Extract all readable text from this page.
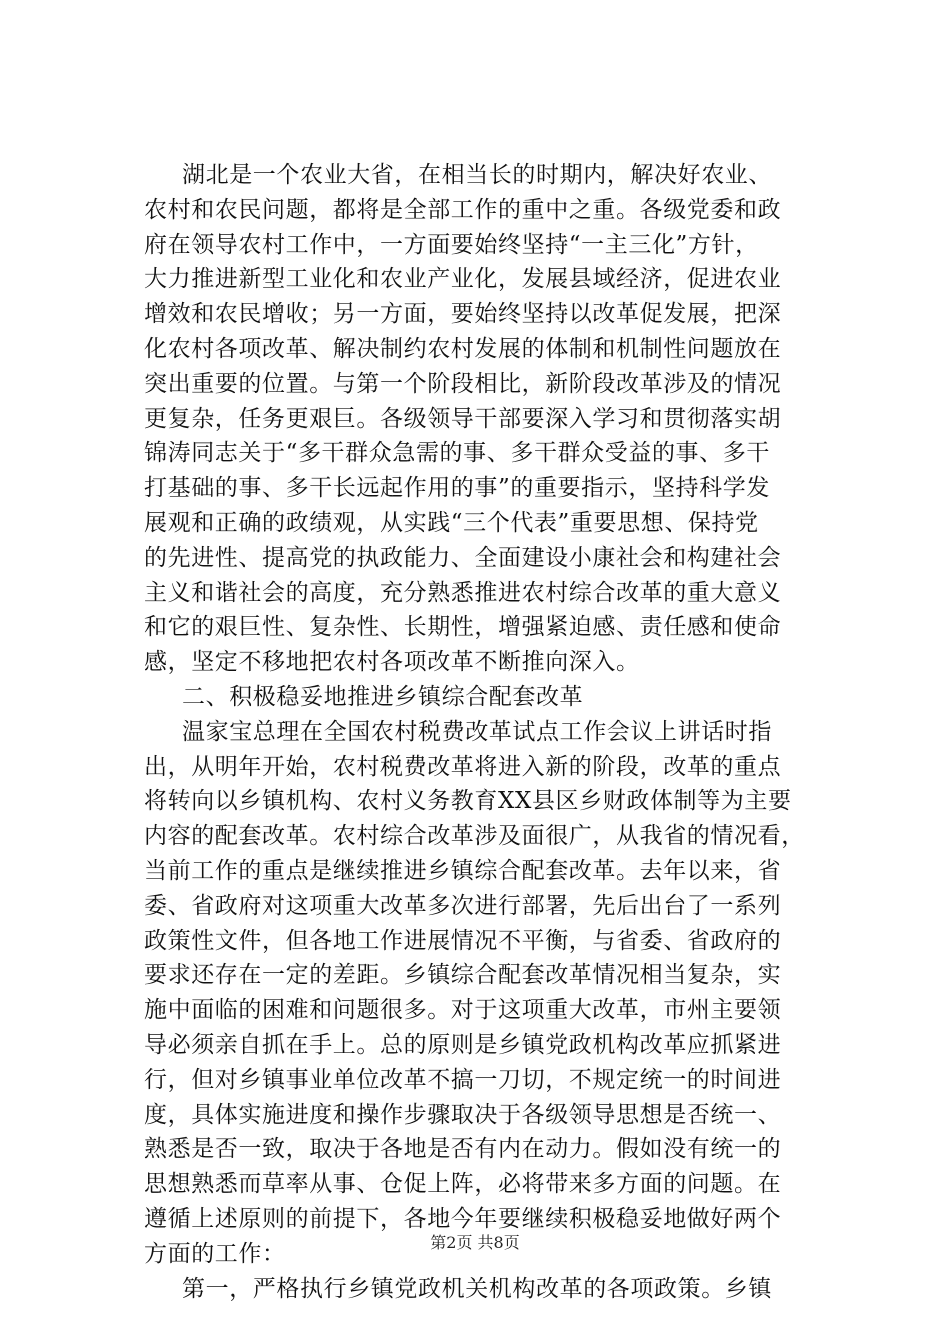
湖北是一个农业大省，在相当长的时期内，解决好农业、
农村和农民问题，都将是全部工作的重中之重。各级党委和政
府在领导农村工作中，一方面要始终坚持“一主三化”方针，
大力推进新型工业化和农业产业化，发展县域经济，促进农业
增效和农民增收；另一方面，要始终坚持以改革促发展，把深
化农村各项改革、解决制约农村发展的体制和机制性问题放在
突出重要的位置。与第一个阶段相比，新阶段改革涉及的情况
更复杂，任务更艰巨。各级领导干部要深入学习和贯彻落实胡
锦涛同志关于“多干群众急需的事、多干群众受益的事、多干
打基础的事、多干长远起作用的事”的重要指示，坚持科学发
展观和正确的政绩观，从实践“三个代表”重要思想、保持党
的先进性、提高党的执政能力、全面建设小康社会和构建社会
主义和谐社会的高度，充分熟悉推进农村综合改革的重大意义
和它的艰巨性、复杂性、长期性，增强紧迫感、责任感和使命
感，坚定不移地把农村各项改革不断推向深入。
二、积极稳妥地推进乡镇综合配套改革
温家宝总理在全国农村税费改革试点工作会议上讲话时指
出，从明年开始，农村税费改革将进入新的阶段，改革的重点
将转向以乡镇机构、农村义务教育XX县区乡财政体制等为主要
内容的配套改革。农村综合改革涉及面很广，从我省的情况看，
当前工作的重点是继续推进乡镇综合配套改革。去年以来，省
委、省政府对这项重大改革多次进行部署，先后出台了一系列
政策性文件，但各地工作进展情况不平衡，与省委、省政府的
要求还存在一定的差距。乡镇综合配套改革情况相当复杂，实
施中面临的困难和问题很多。对于这项重大改革，市州主要领
导必须亲自抓在手上。总的原则是乡镇党政机构改革应抓紧进
行，但对乡镇事业单位改革不搞一刀切，不规定统一的时间进
度，具体实施进度和操作步骤取决于各级领导思想是否统一、
熟悉是否一致，取决于各地是否有内在动力。假如没有统一的
思想熟悉而草率从事、仓促上阵，必将带来多方面的问题。在
遵循上述原则的前提下，各地今年要继续积极稳妥地做好两个
方面的工作：
第一，严格执行乡镇党政机关机构改革的各项政策。乡镇
第2页 共8页
